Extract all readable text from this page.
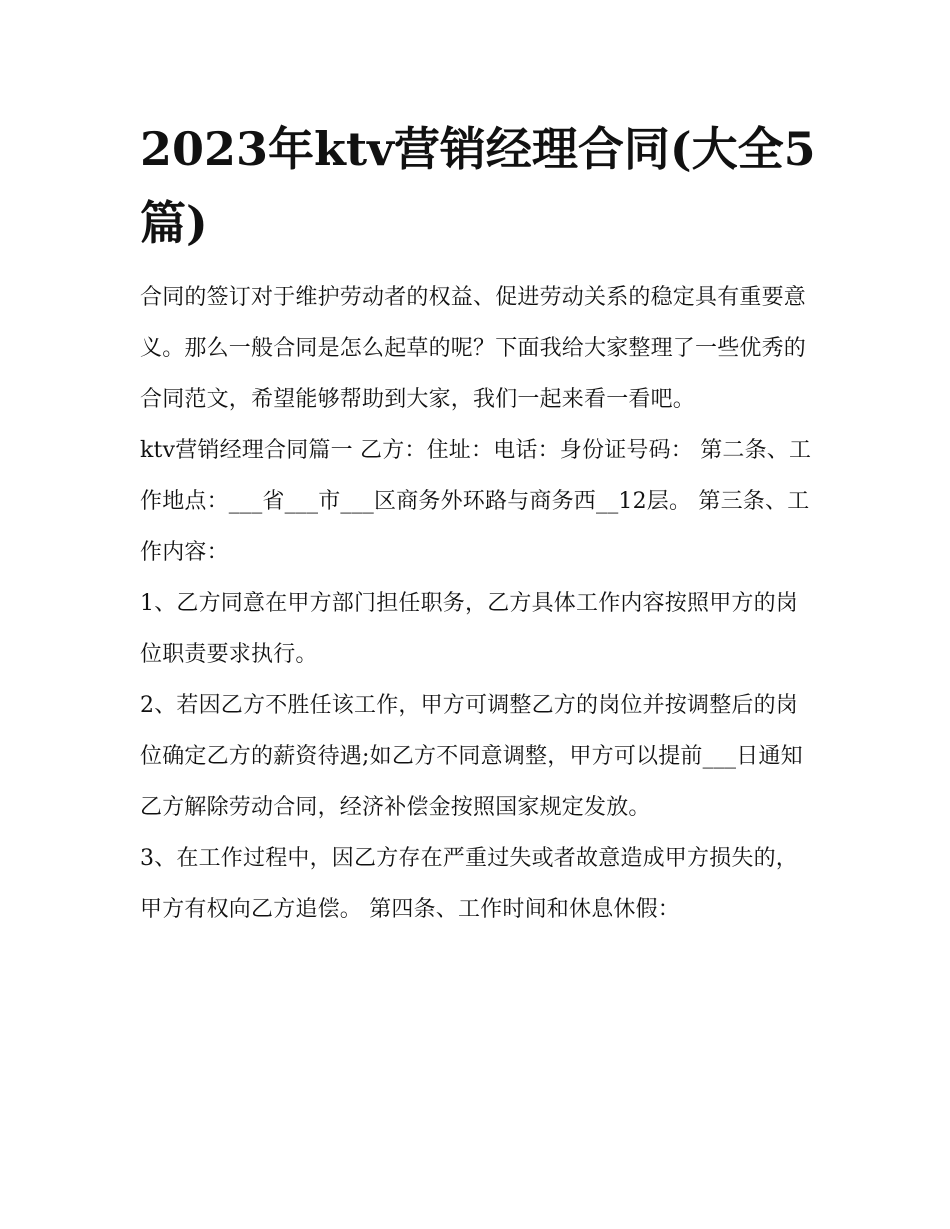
2023年ktv营销经理合同(大全5篇)

合同的签订对于维护劳动者的权益、促进劳动关系的稳定具有重要意义。那么一般合同是怎么起草的呢？下面我给大家整理了一些优秀的合同范文，希望能够帮助到大家，我们一起来看一看吧。

ktv营销经理合同篇一 乙方：住址：电话：身份证号码： 第二条、工作地点：___省___市___区商务外环路与商务西__12层。 第三条、工作内容：

1、乙方同意在甲方部门担任职务，乙方具体工作内容按照甲方的岗位职责要求执行。

2、若因乙方不胜任该工作，甲方可调整乙方的岗位并按调整后的岗位确定乙方的薪资待遇;如乙方不同意调整，甲方可以提前___日通知乙方解除劳动合同，经济补偿金按照国家规定发放。

3、在工作过程中，因乙方存在严重过失或者故意造成甲方损失的，甲方有权向乙方追偿。 第四条、工作时间和休息休假：
